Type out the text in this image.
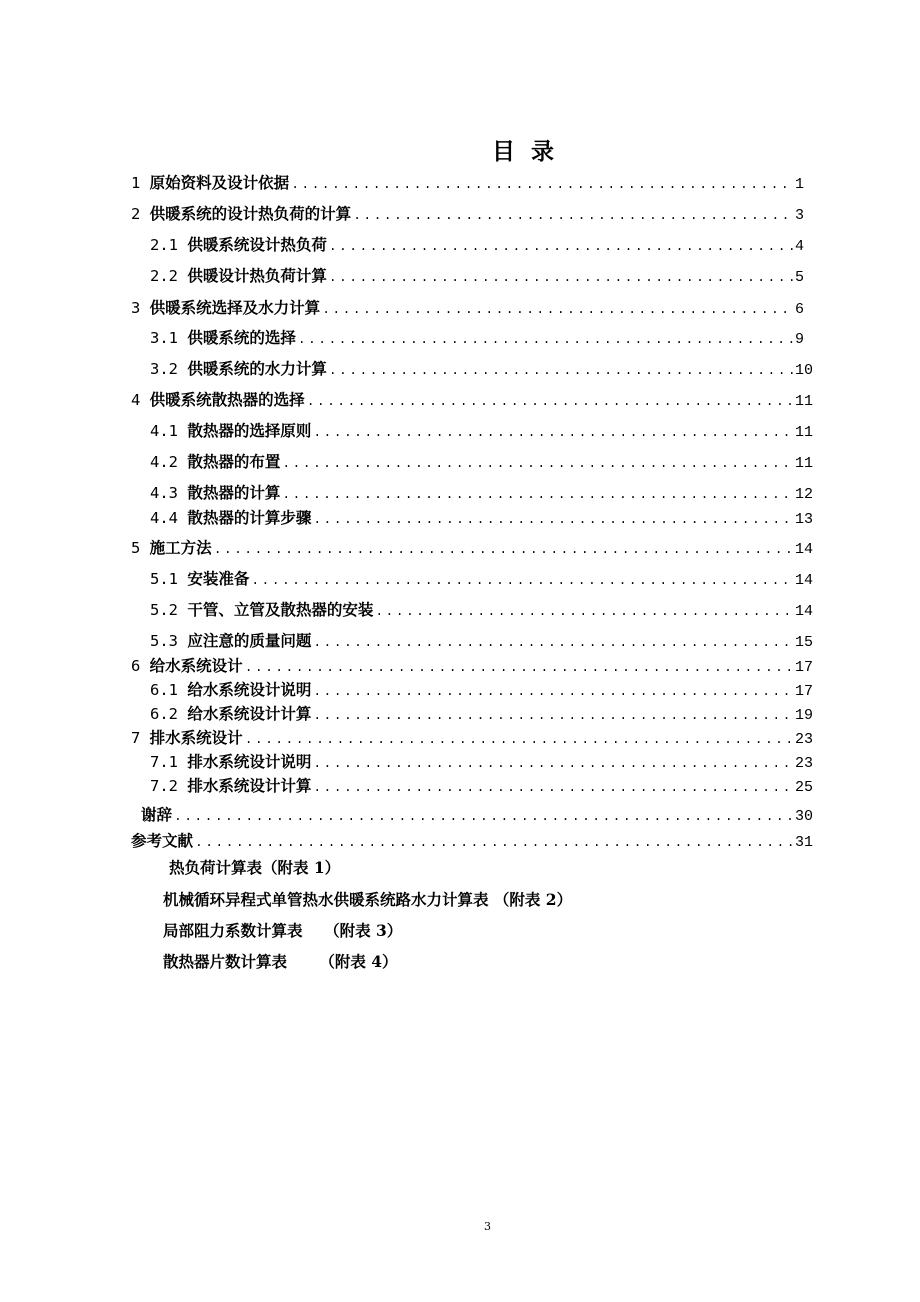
目 录
1 原始资料及设计依据 .....	1
2 供暖系统的设计热负荷的计算 .....	3
2.1 供暖系统设计热负荷 .....	4
2.2 供暖设计热负荷计算 .....	5
3 供暖系统选择及水力计算 .....	6
3.1 供暖系统的选择 .....	9
3.2 供暖系统的水力计算 .....	10
4 供暖系统散热器的选择 .....	11
4.1 散热器的选择原则 .....	11
4.2 散热器的布置 .....	11
4.3 散热器的计算 .....	12
4.4 散热器的计算步骤 .....	13
5 施工方法 .....	14
5.1 安装准备 .....	14
5.2 干管、立管及散热器的安装 .....	14
5.3 应注意的质量问题 .....	15
6 给水系统设计 .....	17
6.1 给水系统设计说明 .....	17
6.2 给水系统设计计算 .....	19
7 排水系统设计 .....	23
7.1 排水系统设计说明 .....	23
7.2 排水系统设计计算 .....	25
谢辞 .....	30
参考文献 .....	31
热负荷计算表（附表 1）
机械循环异程式单管热水供暖系统路水力计算表 （附表 2）
局部阻力系数计算表    （附表 3）
散热器片数计算表      （附表 4）
3
